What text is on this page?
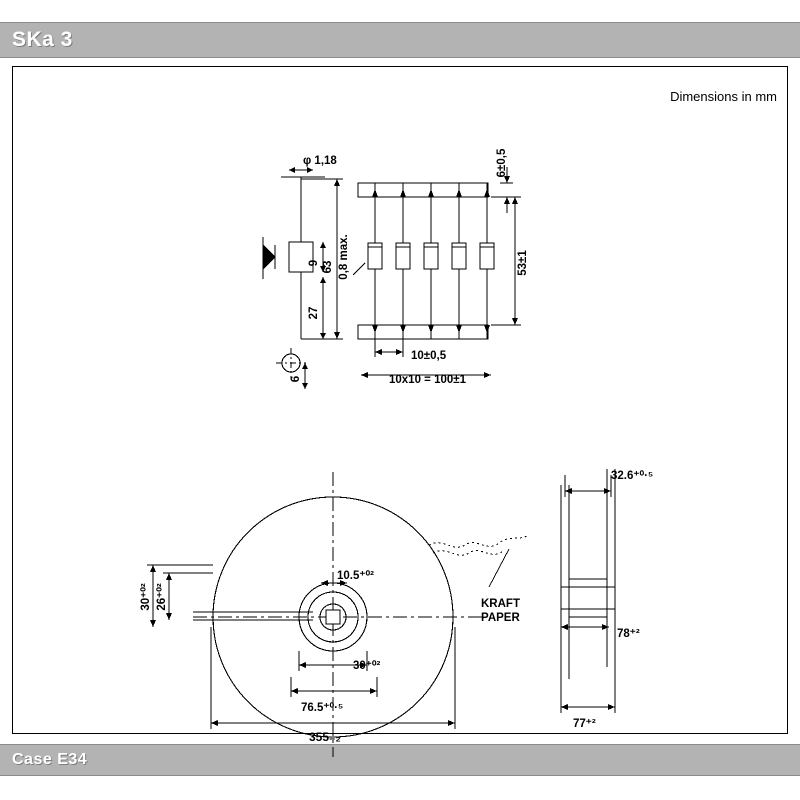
SKa 3
Case E34
Dimensions in mm
φ 1,18
63
9
27
6
0,8 max.
6±0,5
53±1
10±0,5
10x10 = 100±1
30⁺⁰² 26⁺⁰²
10.5⁺⁰²
30⁺⁰²
76.5⁺⁰·⁵
355₋₂
KRAFT
PAPER
32.6⁺⁰·⁵
78⁺²
77⁺²
